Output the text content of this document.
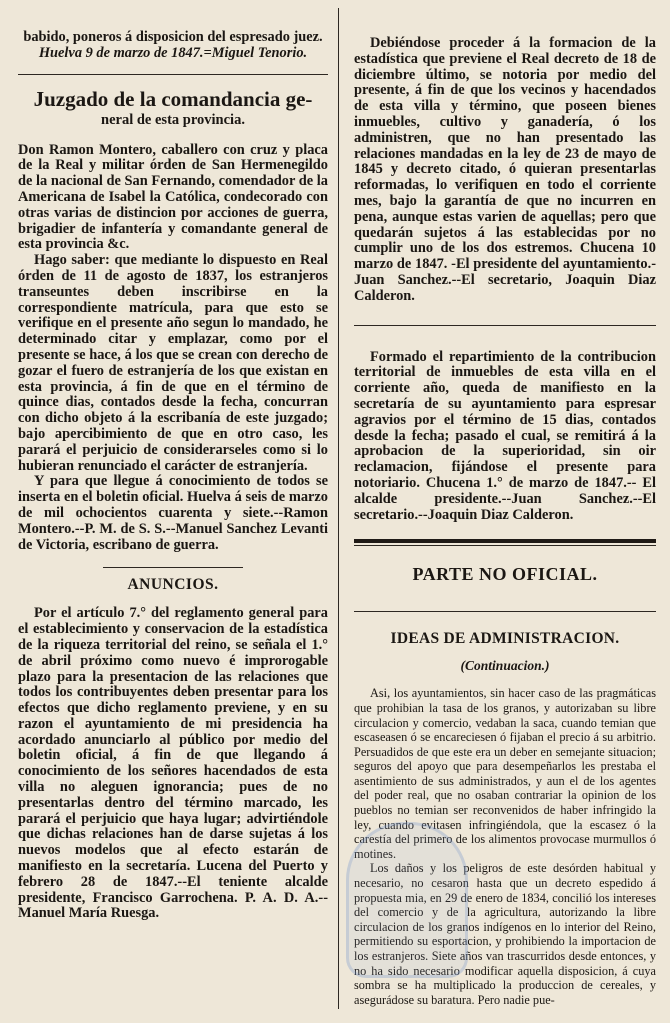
babido, poneros á disposicion del espresado juez.

Huelva 9 de marzo de 1847.=Miguel Tenorio.

Juzgado de la comandancia ge-

neral de esta provincia.

Don Ramon Montero, caballero con cruz y placa de la Real y militar órden de San Hermenegildo de la nacional de San Fernando, comendador de la Americana de Isabel la Católica, condecorado con otras varias de distincion por acciones de guerra, brigadier de infantería y comandante general de esta provincia &c.

Hago saber: que mediante lo dispuesto en Real órden de 11 de agosto de 1837, los estranjeros transeuntes deben inscribirse en la correspondiente matrícula, para que esto se verifique en el presente año segun lo mandado, he determinado citar y emplazar, como por el presente se hace, á los que se crean con derecho de gozar el fuero de estranjería de los que existan en esta provincia, á fin de que en el término de quince dias, contados desde la fecha, concurran con dicho objeto á la escribanía de este juzgado; bajo apercibimiento de que en otro caso, les parará el perjuicio de considerarseles como si lo hubieran renunciado el carácter de estranjería.

Y para que llegue á conocimiento de todos se inserta en el boletin oficial. Huelva á seis de marzo de mil ochocientos cuarenta y siete.--Ramon Montero.--P. M. de S. S.--Manuel Sanchez Levanti de Victoria, escribano de guerra.

ANUNCIOS.

Por el artículo 7.° del reglamento general para el establecimiento y conservacion de la estadística de la riqueza territorial del reino, se señala el 1.° de abril próximo como nuevo é improrogable plazo para la presentacion de las relaciones que todos los contribuyentes deben presentar para los efectos que dicho reglamento previene, y en su razon el ayuntamiento de mi presidencia ha acordado anunciarlo al público por medio del boletin oficial, á fin de que llegando á conocimiento de los señores hacendados de esta villa no aleguen ignorancia; pues de no presentarlas dentro del término marcado, les parará el perjuicio que haya lugar; advirtiéndole que dichas relaciones han de darse sujetas á los nuevos modelos que al efecto estarán de manifiesto en la secretaría. Lucena del Puerto y febrero 28 de 1847.--El teniente alcalde presidente, Francisco Garrochena. P. A. D. A.--Manuel María Ruesga.

Debiéndose proceder á la formacion de la estadística que previene el Real decreto de 18 de diciembre último, se notoria por medio del presente, á fin de que los vecinos y hacendados de esta villa y término, que poseen bienes inmuebles, cultivo y ganadería, ó los administren, que no han presentado las relaciones mandadas en la ley de 23 de mayo de 1845 y decreto citado, ó quieran presentarlas reformadas, lo verifiquen en todo el corriente mes, bajo la garantía de que no incurren en pena, aunque estas varien de aquellas; pero que quedarán sujetos á las establecidas por no cumplir uno de los dos estremos. Chucena 10 marzo de 1847. -El presidente del ayuntamiento.-Juan Sanchez.--El secretario, Joaquin Diaz Calderon.

Formado el repartimiento de la contribucion territorial de inmuebles de esta villa en el corriente año, queda de manifiesto en la secretaría de su ayuntamiento para espresar agravios por el término de 15 dias, contados desde la fecha; pasado el cual, se remitirá á la aprobacion de la superioridad, sin oir reclamacion, fijándose el presente para notoriario. Chucena 1.° de marzo de 1847.-- El alcalde presidente.--Juan Sanchez.--El secretario.--Joaquin Diaz Calderon.

PARTE NO OFICIAL.
IDEAS DE ADMINISTRACION.

(Continuacion.)

Asi, los ayuntamientos, sin hacer caso de las pragmáticas que prohibian la tasa de los granos, y autorizaban su libre circulacion y comercio, vedaban la saca, cuando temian que escaseasen ó se encareciesen ó fijaban el precio á su arbitrio. Persuadidos de que este era un deber en semejante situacion; seguros del apoyo que para desempeñarlos les prestaba el asentimiento de sus administrados, y aun el de los agentes del poder real, que no osaban contrariar la opinion de los pueblos no temian ser reconvenidos de haber infringido la ley, cuando evitasen infringiéndola, que la escasez ó la carestía del primero de los alimentos provocase murmullos ó motines.

Los daños y los peligros de este desórden habitual y necesario, no cesaron hasta que un decreto espedido á propuesta mia, en 29 de enero de 1834, concilió los intereses del comercio y de la agricultura, autorizando la libre circulacion de los granos indígenos en lo interior del Reino, permitiendo su esportacion, y prohibiendo la importacion de los estranjeros. Siete años van trascurridos desde entonces, y no ha sido necesario modificar aquella disposicion, á cuya sombra se ha multiplicado la produccion de cereales, y asegurádose su baratura. Pero nadie pue-
